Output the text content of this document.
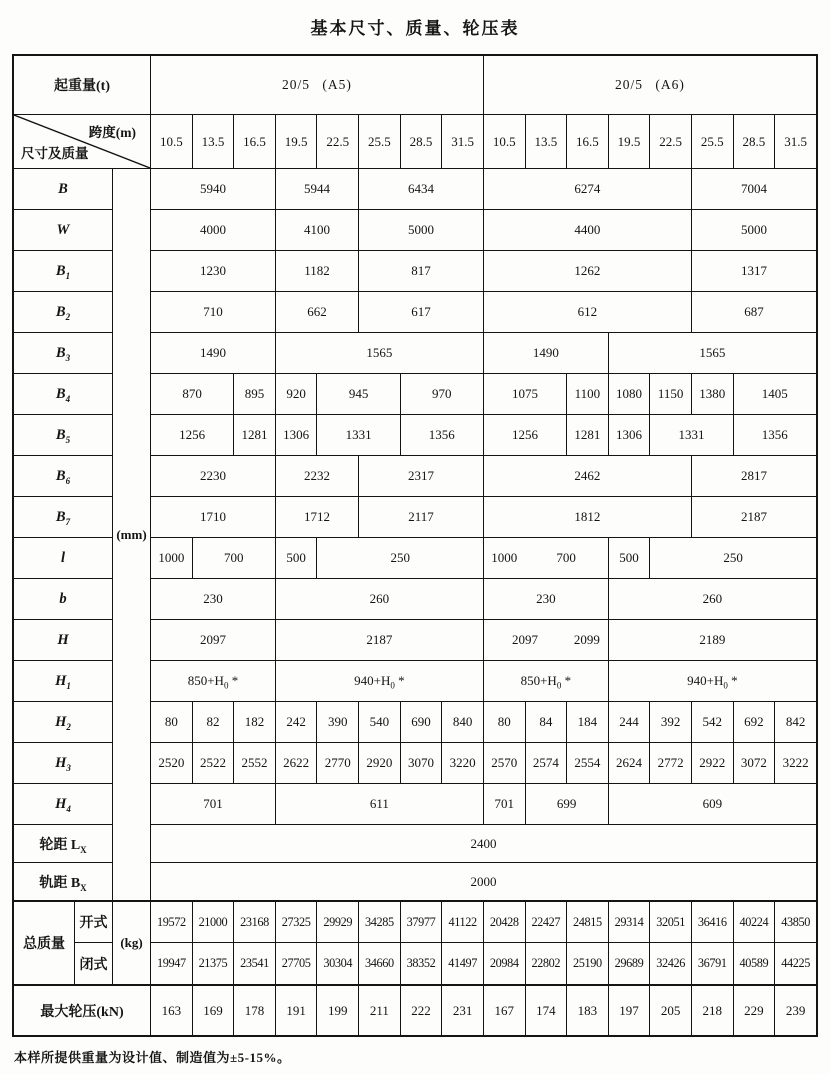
基本尺寸、质量、轮压表
起重量(t)			20/5 (A5)								20/5 (A6)							

跨度(m)
尺寸及质量			10.5	13.5	16.5	19.5	22.5	25.5	28.5	31.5	10.5	13.5	16.5	19.5	22.5	25.5	28.5	31.5
B		(mm)	5940			5944		6434			6274					7004		
W			4000			4100		5000			4400					5000		
$B_1$			1230			1182		817			1262					1317		
$B_2$			710			662		617			612					687		
$B_3$			1490			1565					1490			1565				
$B_4$			870		895	920	945		970		1075		1100	1080	1150	1380	1405	
$B_5$			1256		1281	1306	1331		1356		1256		1281	1306	1331		1356	
$B_6$			2230			2232		2317			2462					2817		
$B_7$			1710			1712		2117			1812					2187		
l			1000	700		500	250				1000	700		500	250			
b			230			260					230			260				
H			2097			2187					2097		2099	2189				
$H_1$			$850+H_0$ *			$940+H_0$ *					$850+H_0$ *			$940+H_0$ *				
$H_2$			80	82	182	242	390	540	690	840	80	84	184	244	392	542	692	842
$H_3$			2520	2522	2552	2622	2770	2920	3070	3220	2570	2574	2554	2624	2772	2922	3072	3222
$H_4$			701			611					701	699		609				
轮距 $L_X$			2400															
轨距 $B_X$			2000															
总质量	开式	(kg)	19572	21000	23168	27325	29929	34285	37977	41122	20428	22427	24815	29314	32051	36416	40224	43850
	闭式		19947	21375	23541	27705	30304	34660	38352	41497	20984	22802	25190	29689	32426	36791	40589	44225
最大轮压(kN)			163	169	178	191	199	211	222	231	167	174	183	197	205	218	229	239
本样所提供重量为设计值、制造值为±5-15%。
